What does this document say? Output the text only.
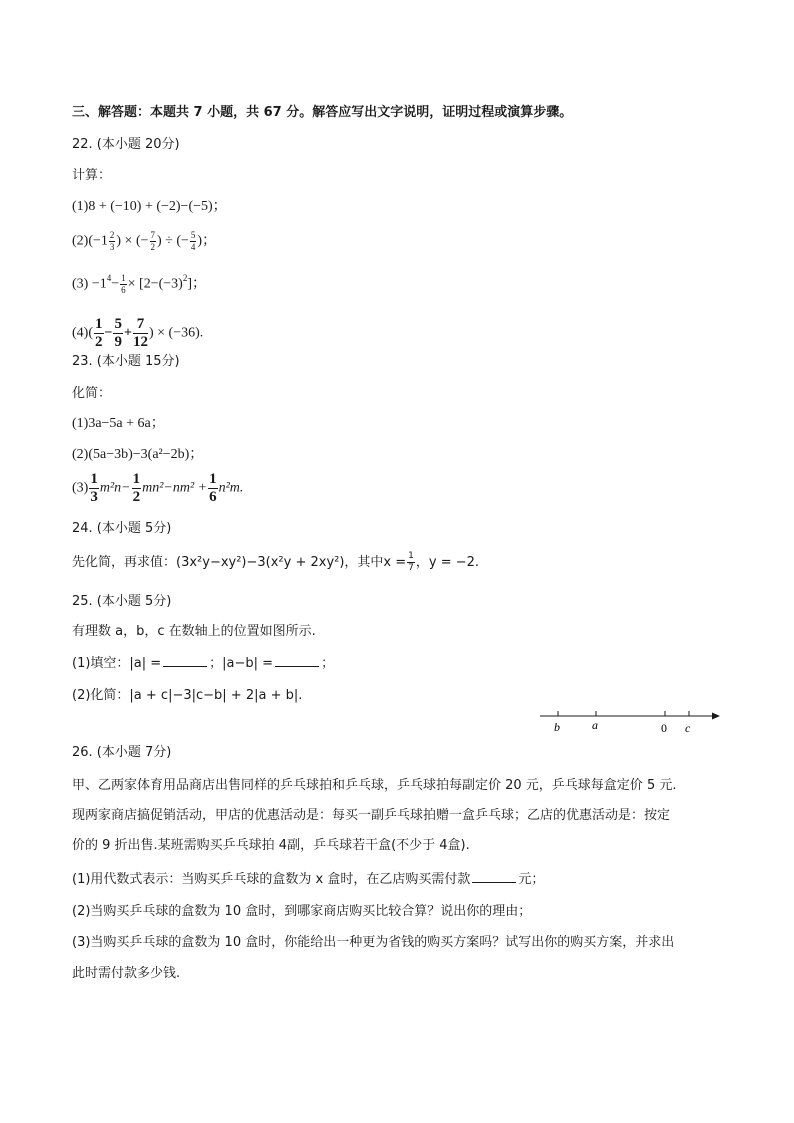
三、解答题：本题共 7 小题，共 67 分。解答应写出文字说明，证明过程或演算步骤。
22. (本小题 20分)
计算：
(1)8 + (−10) + (−2)−(−5)；
$(2)(-1 \frac{2}{3}$ ) × (− $\frac{7}{2}$ ) ÷ (− $\frac{5}{4}$ )；
$(3) -1^4- \frac{1}{6} \times [2-(-3)^2]$；
$(4)( \frac{1}{2} - \frac{5}{9} + \frac{7}{12}$ ) × (−36).
23. (本小题 15分)
化简：
(1)3a−5a + 6a；
(2)(5a−3b)−3(a²−2b)；
$(3) \frac{1}{3} m^2n- \frac{1}{2} mn^2-nm^2 + \frac{1}{6} n^2m$.
24. (本小题 5分)
先化简，再求值：(3x²y−xy²)−3(x²y + 2xy²)，其中$x = \frac{1}{7}$ ，y = −2.
25. (本小题 5分)
有理数 a，b，c 在数轴上的位置如图所示.
(1)填空：|a| =	；|a−b| =	；
(2)化简：|a + c|−3|c−b| + 2|a + b|.
b	a	0 c
26. (本小题 7分)
甲、乙两家体育用品商店出售同样的乒乓球拍和乒乓球，乒乓球拍每副定价 20 元，乒乓球每盒定价 5 元.
现两家商店搞促销活动，甲店的优惠活动是：每买一副乒乓球拍赠一盒乒乓球；乙店的优惠活动是：按定
价的 9 折出售.某班需购买乒乓球拍 4副，乒乓球若干盒(不少于 4盒).
(1)用代数式表示：当购买乒乓球的盒数为 x 盒时，在乙店购买需付款	元；
(2)当购买乒乓球的盒数为 10 盒时，到哪家商店购买比较合算？说出你的理由；
(3)当购买乒乓球的盒数为 10 盒时，你能给出一种更为省钱的购买方案吗？试写出你的购买方案，并求出
此时需付款多少钱.
